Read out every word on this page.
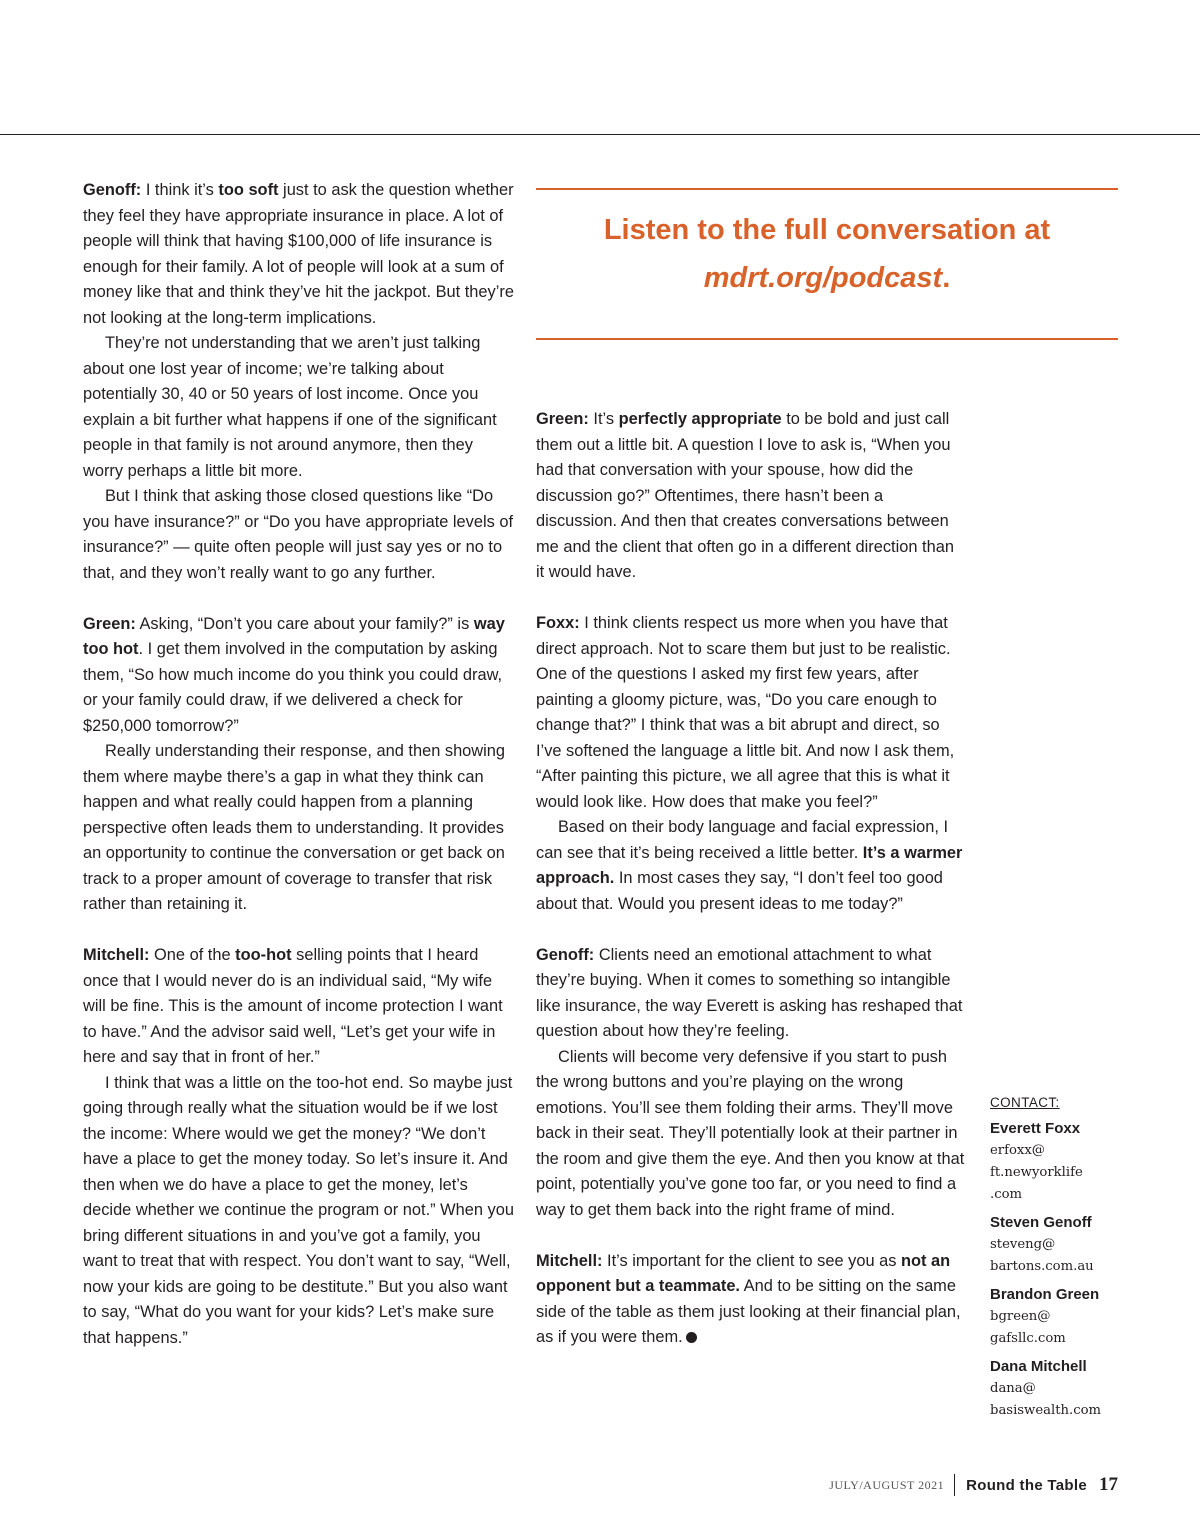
Genoff: I think it’s too soft just to ask the question whether they feel they have appropriate insurance in place. A lot of people will think that having $100,000 of life insurance is enough for their family. A lot of people will look at a sum of money like that and think they’ve hit the jackpot. But they’re not looking at the long-term implications.

They’re not understanding that we aren’t just talking about one lost year of income; we’re talking about potentially 30, 40 or 50 years of lost income. Once you explain a bit further what happens if one of the significant people in that family is not around anymore, then they worry perhaps a little bit more.

But I think that asking those closed questions like “Do you have insurance?” or “Do you have appropriate levels of insurance?” — quite often people will just say yes or no to that, and they won’t really want to go any further.

Green: Asking, “Don’t you care about your family?” is way too hot. I get them involved in the computation by asking them, “So how much income do you think you could draw, or your family could draw, if we delivered a check for $250,000 tomorrow?”

Really understanding their response, and then showing them where maybe there’s a gap in what they think can happen and what really could happen from a planning perspective often leads them to understanding. It provides an opportunity to continue the conversation or get back on track to a proper amount of coverage to transfer that risk rather than retaining it.

Mitchell: One of the too-hot selling points that I heard once that I would never do is an individual said, “My wife will be fine. This is the amount of income protection I want to have.” And the advisor said well, “Let’s get your wife in here and say that in front of her.”

I think that was a little on the too-hot end. So maybe just going through really what the situation would be if we lost the income: Where would we get the money? “We don’t have a place to get the money today. So let’s insure it. And then when we do have a place to get the money, let’s decide whether we continue the program or not.” When you bring different situations in and you’ve got a family, you want to treat that with respect. You don’t want to say, “Well, now your kids are going to be destitute.” But you also want to say, “What do you want for your kids? Let’s make sure that happens.”

Listen to the full conversation at
mdrt.org/podcast.

Green: It’s perfectly appropriate to be bold and just call them out a little bit. A question I love to ask is, “When you had that conversation with your spouse, how did the discussion go?” Oftentimes, there hasn’t been a discussion. And then that creates conversations between me and the client that often go in a different direction than it would have.

Foxx: I think clients respect us more when you have that direct approach. Not to scare them but just to be realistic. One of the questions I asked my first few years, after painting a gloomy picture, was, “Do you care enough to change that?” I think that was a bit abrupt and direct, so I’ve softened the language a little bit. And now I ask them, “After painting this picture, we all agree that this is what it would look like. How does that make you feel?”

Based on their body language and facial expression, I can see that it’s being received a little better. It’s a warmer approach. In most cases they say, “I don’t feel too good about that. Would you present ideas to me today?”

Genoff: Clients need an emotional attachment to what they’re buying. When it comes to something so intangible like insurance, the way Everett is asking has reshaped that question about how they’re feeling.

Clients will become very defensive if you start to push the wrong buttons and you’re playing on the wrong emotions. You’ll see them folding their arms. They’ll move back in their seat. They’ll potentially look at their partner in the room and give them the eye. And then you know at that point, potentially you’ve gone too far, or you need to find a way to get them back into the right frame of mind.

Mitchell: It’s important for the client to see you as not an opponent but a teammate. And to be sitting on the same side of the table as them just looking at their financial plan, as if you were them.

CONTACT:
Everett Foxx
erfoxx@
ft.newyorklife
.com
Steven Genoff
steveng@
bartons.com.au
Brandon Green
bgreen@
gafsllc.com
Dana Mitchell
dana@
basiswealth.com
JULY/AUGUST 2021 Round the Table 17
